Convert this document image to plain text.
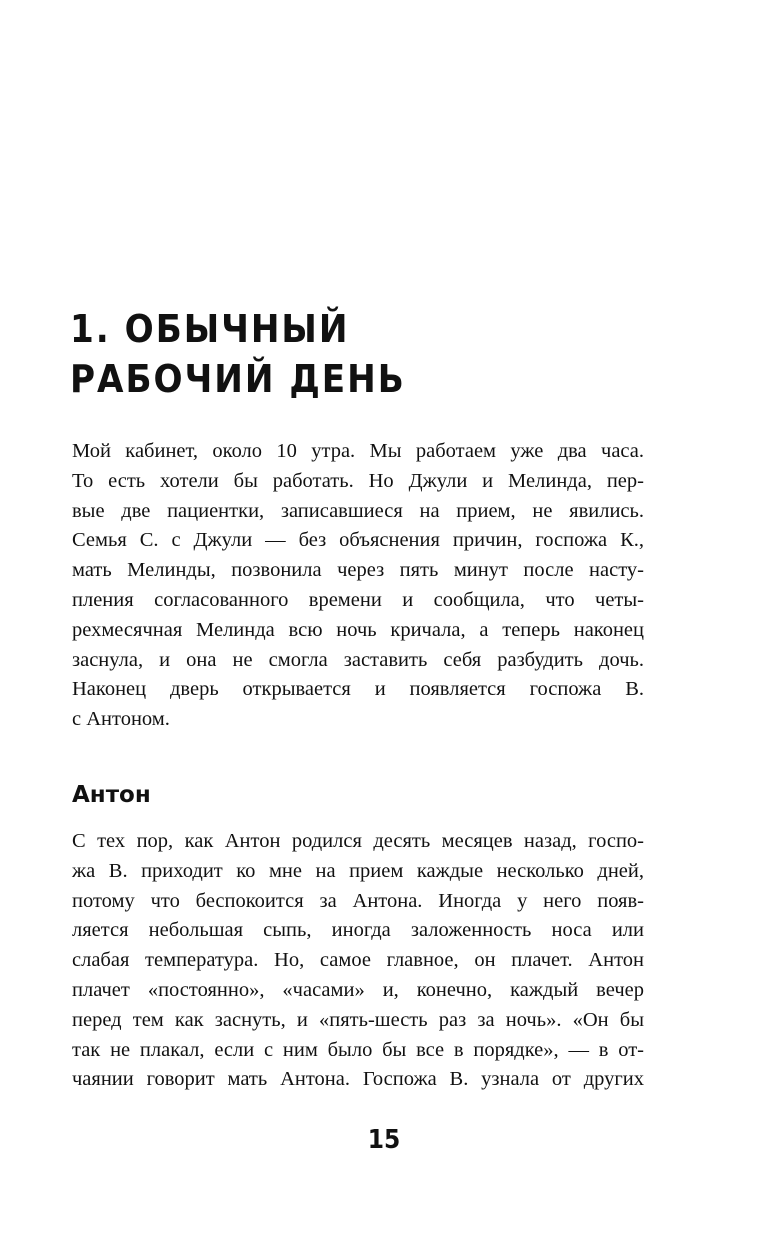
1. ОБЫЧНЫЙ
РАБОЧИЙ ДЕНЬ
Мой кабинет, около 10 утра. Мы работаем уже два часа.
То есть хотели бы работать. Но Джули и Мелинда, пер-
вые две пациентки, записавшиеся на прием, не явились.
Семья С. с Джули — без объяснения причин, госпожа К.,
мать Мелинды, позвонила через пять минут после насту-
пления согласованного времени и сообщила, что четы-
рехмесячная Мелинда всю ночь кричала, а теперь наконец
заснула, и она не смогла заставить себя разбудить дочь.
Наконец дверь открывается и появляется госпожа В.
с Антоном.
Антон
С тех пор, как Антон родился десять месяцев назад, госпо-
жа В. приходит ко мне на прием каждые несколько дней,
потому что беспокоится за Антона. Иногда у него появ-
ляется небольшая сыпь, иногда заложенность носа или
слабая температура. Но, самое главное, он плачет. Антон
плачет «постоянно», «часами» и, конечно, каждый вечер
перед тем как заснуть, и «пять-шесть раз за ночь». «Он бы
так не плакал, если с ним было бы все в порядке», — в от-
чаянии говорит мать Антона. Госпожа В. узнала от других
15
